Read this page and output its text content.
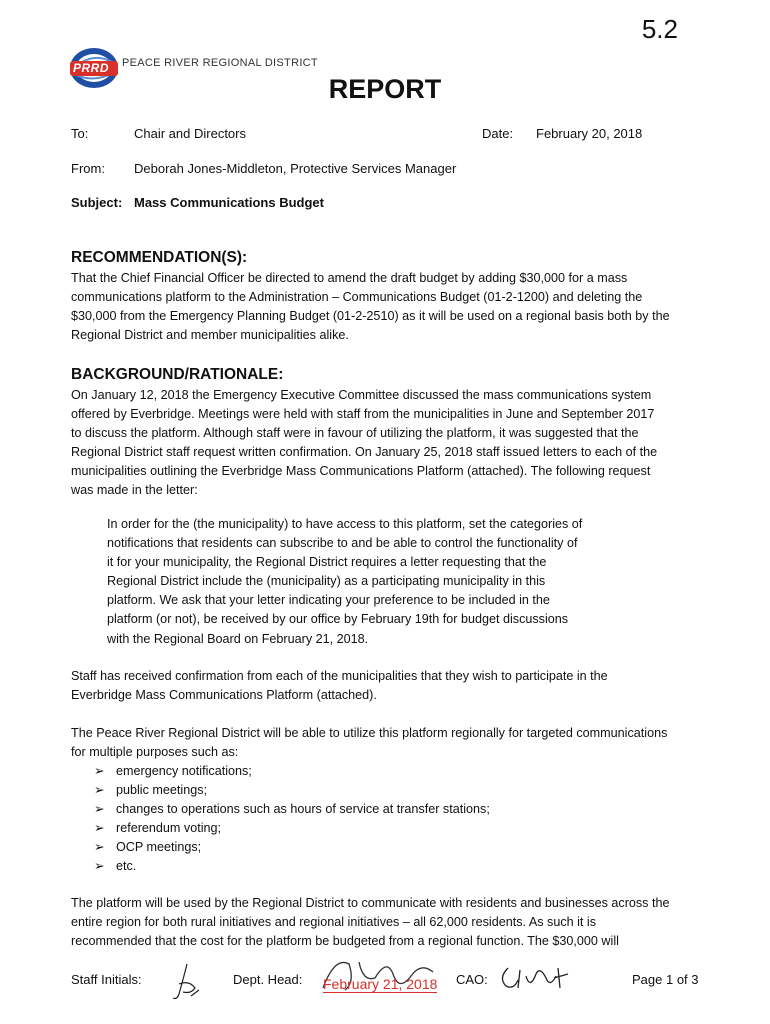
5.2
PRRD PEACE RIVER REGIONAL DISTRICT
REPORT
To:	Chair and Directors	Date: February 20, 2018
From: Deborah Jones-Middleton, Protective Services Manager
Subject: Mass Communications Budget
RECOMMENDATION(S):
That the Chief Financial Officer be directed to amend the draft budget by adding $30,000 for a mass
communications platform to the Administration – Communications Budget (01-2-1200) and deleting the
$30,000 from the Emergency Planning Budget (01-2-2510) as it will be used on a regional basis both by the
Regional District and member municipalities alike.
BACKGROUND/RATIONALE:
On January 12, 2018 the Emergency Executive Committee discussed the mass communications system
offered by Everbridge. Meetings were held with staff from the municipalities in June and September 2017
to discuss the platform. Although staff were in favour of utilizing the platform, it was suggested that the
Regional District staff request written confirmation. On January 25, 2018 staff issued letters to each of the
municipalities outlining the Everbridge Mass Communications Platform (attached). The following request
was made in the letter:
In order for the (the municipality) to have access to this platform, set the categories of
notifications that residents can subscribe to and be able to control the functionality of
it for your municipality, the Regional District requires a letter requesting that the
Regional District include the (municipality) as a participating municipality in this
platform. We ask that your letter indicating your preference to be included in the
platform (or not), be received by our office by February 19th for budget discussions
with the Regional Board on February 21, 2018.
Staff has received confirmation from each of the municipalities that they wish to participate in the
Everbridge Mass Communications Platform (attached).
The Peace River Regional District will be able to utilize this platform regionally for targeted communications
for multiple purposes such as:
➢ emergency notifications;
➢ public meetings;
➢ changes to operations such as hours of service at transfer stations;
➢ referendum voting;
➢ OCP meetings;
➢ etc.
The platform will be used by the Regional District to communicate with residents and businesses across the
entire region for both rural initiatives and regional initiatives – all 62,000 residents. As such it is
recommended that the cost for the platform be budgeted from a regional function. The $30,000 will
Staff Initials:	Dept. Head: February 21, 2018 CAO:	Page 1 of 3
